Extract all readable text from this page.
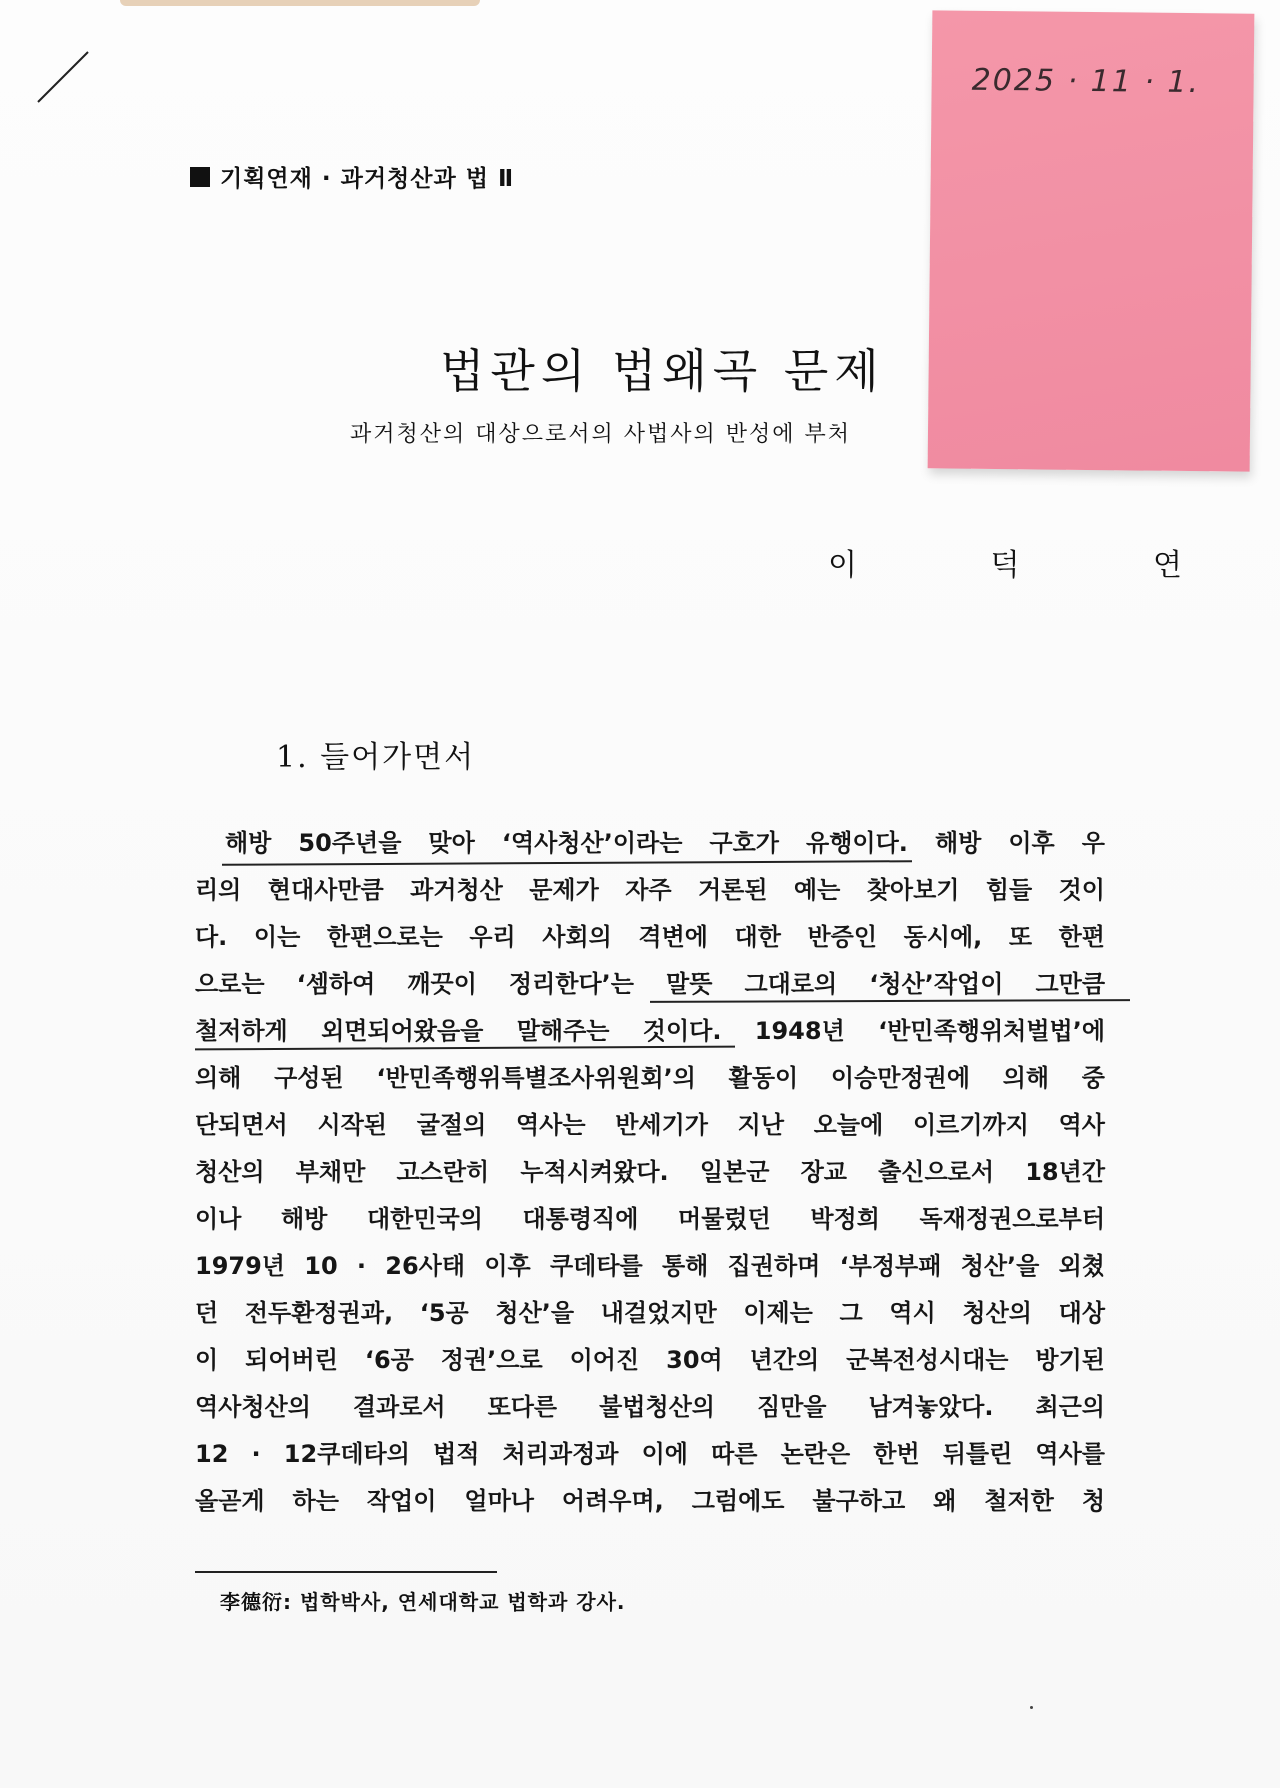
기획연재 · 과거청산과 법 Ⅱ
법관의 법왜곡 문제
과거청산의 대상으로서의 사법사의 반성에 부처
이 덕 연
1. 들어가면서
해방 50주년을 맞아 ‘역사청산’이라는 구호가 유행이다. 해방 이후 우
리의 현대사만큼 과거청산 문제가 자주 거론된 예는 찾아보기 힘들 것이
다. 이는 한편으로는 우리 사회의 격변에 대한 반증인 동시에, 또 한편
으로는 ‘셈하여 깨끗이 정리한다’는 말뜻 그대로의 ‘청산’작업이 그만큼
철저하게 외면되어왔음을 말해주는 것이다. 1948년 ‘반민족행위처벌법’에
의해 구성된 ‘반민족행위특별조사위원회’의 활동이 이승만정권에 의해 중
단되면서 시작된 굴절의 역사는 반세기가 지난 오늘에 이르기까지 역사
청산의 부채만 고스란히 누적시켜왔다. 일본군 장교 출신으로서 18년간
이나 해방 대한민국의 대통령직에 머물렀던 박정희 독재정권으로부터
1979년 10 · 26사태 이후 쿠데타를 통해 집권하며 ‘부정부패 청산’을 외쳤
던 전두환정권과, ‘5공 청산’을 내걸었지만 이제는 그 역시 청산의 대상
이 되어버린 ‘6공 정권’으로 이어진 30여 년간의 군복전성시대는 방기된
역사청산의 결과로서 또다른 불법청산의 짐만을 남겨놓았다. 최근의
12 · 12쿠데타의 법적 처리과정과 이에 따른 논란은 한번 뒤틀린 역사를
올곧게 하는 작업이 얼마나 어려우며, 그럼에도 불구하고 왜 철저한 청
李德衍: 법학박사, 연세대학교 법학과 강사.
2025 · 11 · 1.
